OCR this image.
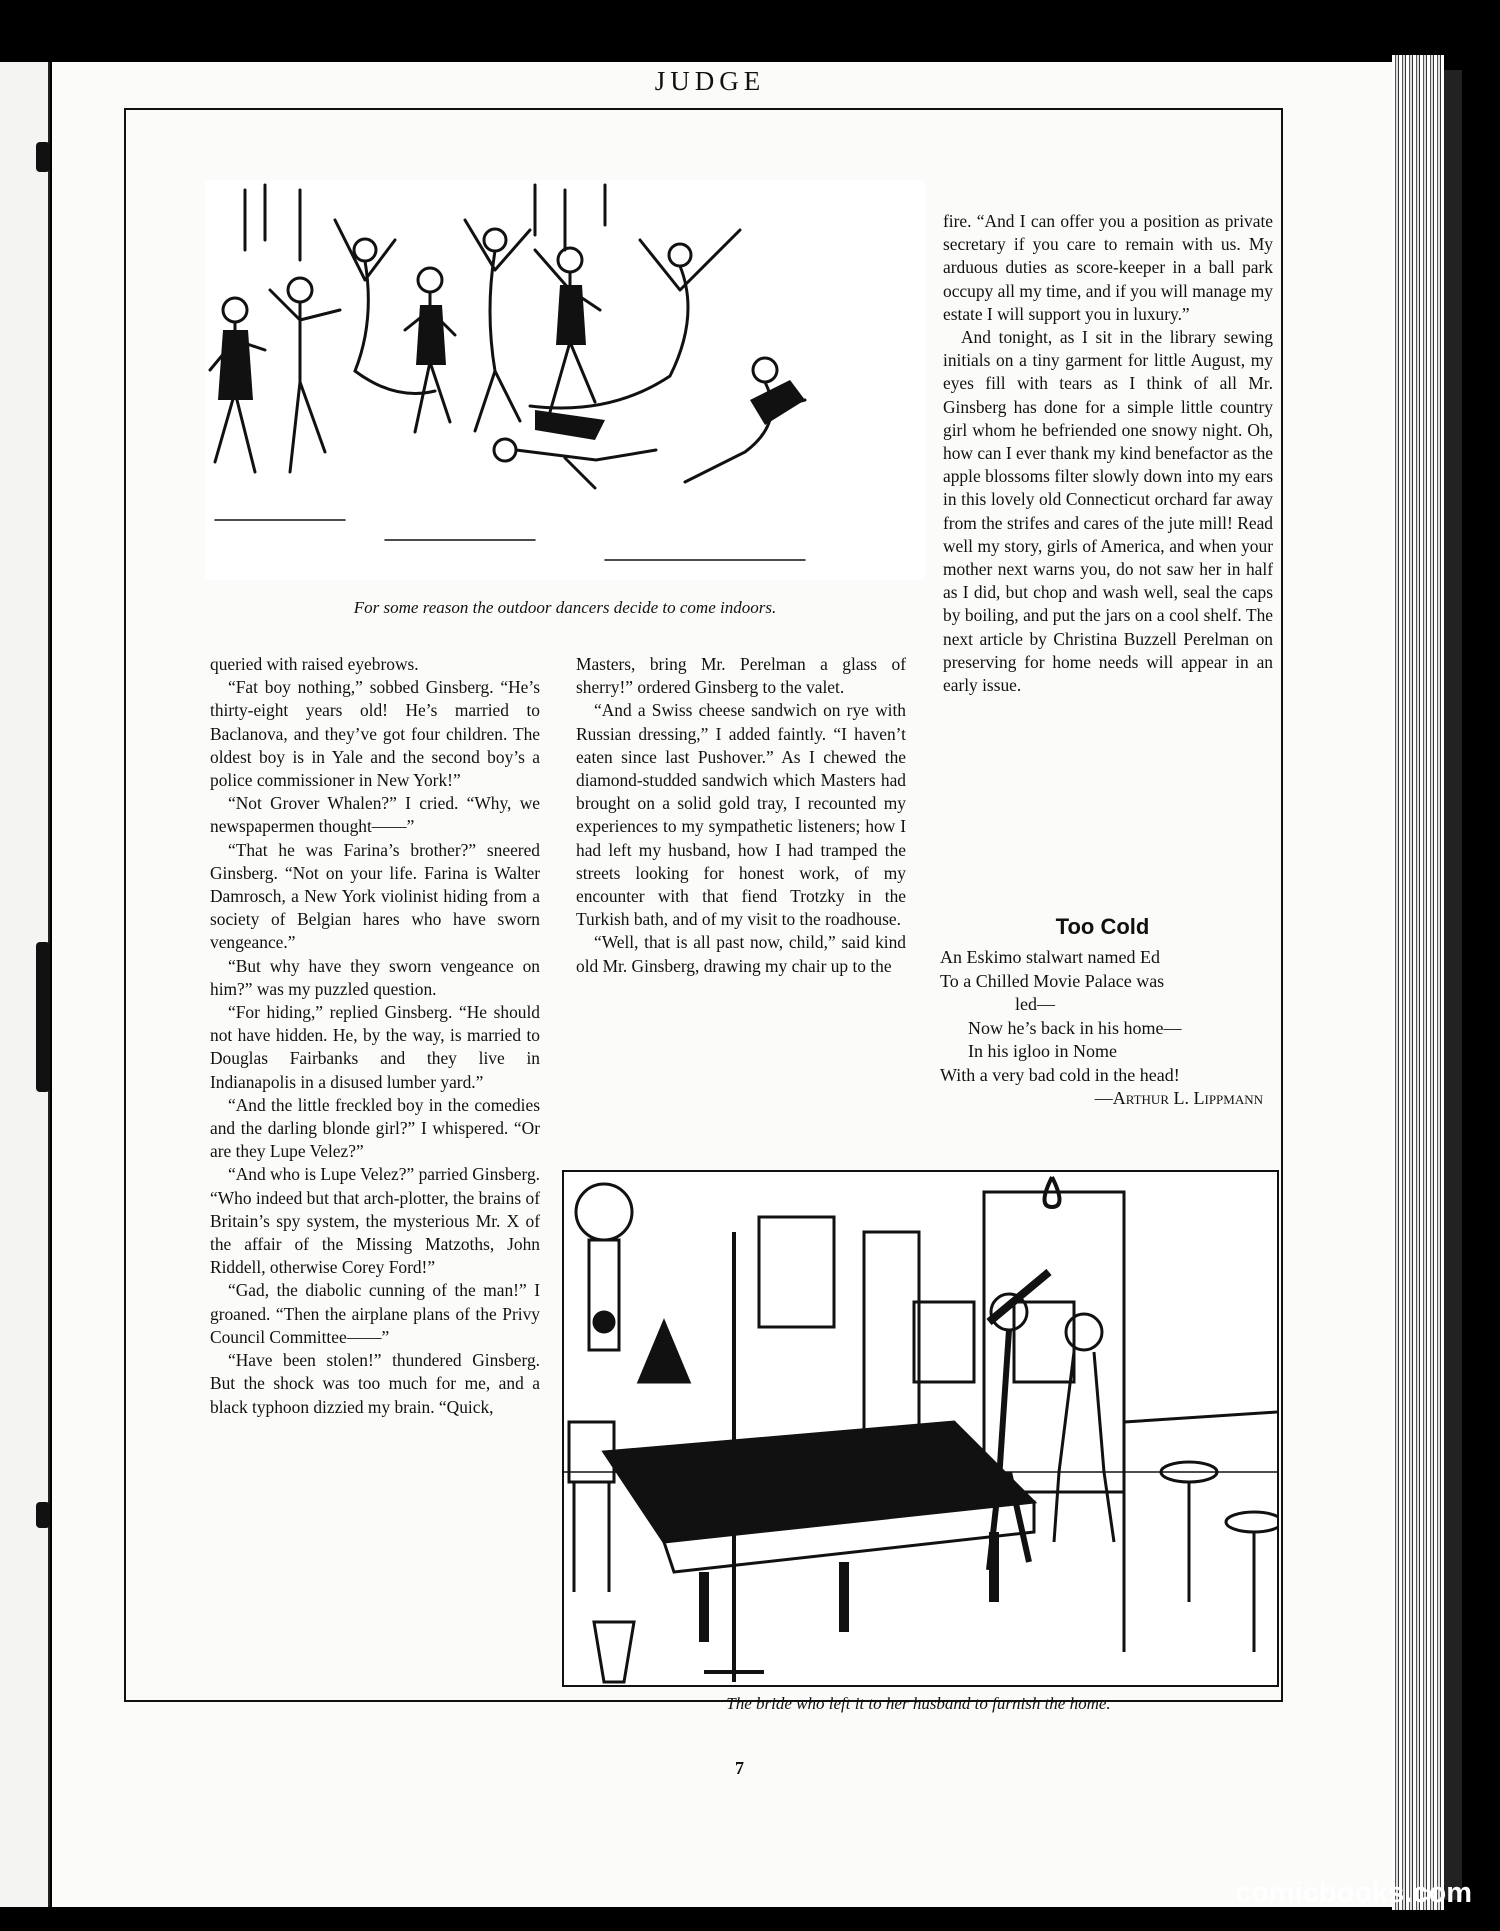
JUDGE
For some reason the outdoor dancers decide to come indoors.

queried with raised eyebrows.

“Fat boy nothing,” sobbed Ginsberg. “He’s thirty-eight years old! He’s married to Baclanova, and they’ve got four children. The oldest boy is in Yale and the second boy’s a police commissioner in New York!”

“Not Grover Whalen?” I cried. “Why, we newspapermen thought——”

“That he was Farina’s brother?” sneered Ginsberg. “Not on your life. Farina is Walter Damrosch, a New York violinist hiding from a society of Belgian hares who have sworn vengeance.”

“But why have they sworn vengeance on him?” was my puzzled question.

“For hiding,” replied Ginsberg. “He should not have hidden. He, by the way, is married to Douglas Fairbanks and they live in Indianapolis in a disused lumber yard.”

“And the little freckled boy in the comedies and the darling blonde girl?” I whispered. “Or are they Lupe Velez?”

“And who is Lupe Velez?” parried Ginsberg. “Who indeed but that arch-plotter, the brains of Britain’s spy system, the mysterious Mr. X of the affair of the Missing Matzoths, John Riddell, otherwise Corey Ford!”

“Gad, the diabolic cunning of the man!” I groaned. “Then the airplane plans of the Privy Council Committee——”

“Have been stolen!” thundered Ginsberg. But the shock was too much for me, and a black typhoon dizzied my brain. “Quick,

Masters, bring Mr. Perelman a glass of sherry!” ordered Ginsberg to the valet.

“And a Swiss cheese sandwich on rye with Russian dressing,” I added faintly. “I haven’t eaten since last Pushover.” As I chewed the diamond-studded sandwich which Masters had brought on a solid gold tray, I recounted my experiences to my sympathetic listeners; how I had left my husband, how I had tramped the streets looking for honest work, of my encounter with that fiend Trotzky in the Turkish bath, and of my visit to the roadhouse.

“Well, that is all past now, child,” said kind old Mr. Ginsberg, drawing my chair up to the

fire. “And I can offer you a position as private secretary if you care to remain with us. My arduous duties as score-keeper in a ball park occupy all my time, and if you will manage my estate I will support you in luxury.”

And tonight, as I sit in the library sewing initials on a tiny garment for little August, my eyes fill with tears as I think of all Mr. Ginsberg has done for a simple little country girl whom he befriended one snowy night. Oh, how can I ever thank my kind benefactor as the apple blossoms filter slowly down into my ears in this lovely old Connecticut orchard far away from the strifes and cares of the jute mill! Read well my story, girls of America, and when your mother next warns you, do not saw her in half as I did, but chop and wash well, seal the caps by boiling, and put the jars on a cool shelf. The next article by Christina Buzzell Perelman on preserving for home needs will appear in an early issue.

Too Cold
An Eskimo stalwart named Ed
To a Chilled Movie Palace was
led—
Now he’s back in his home—
In his igloo in Nome
With a very bad cold in the head!
—Arthur L. Lippmann
The bride who left it to her husband to furnish the home.
7
comicbooks.com
